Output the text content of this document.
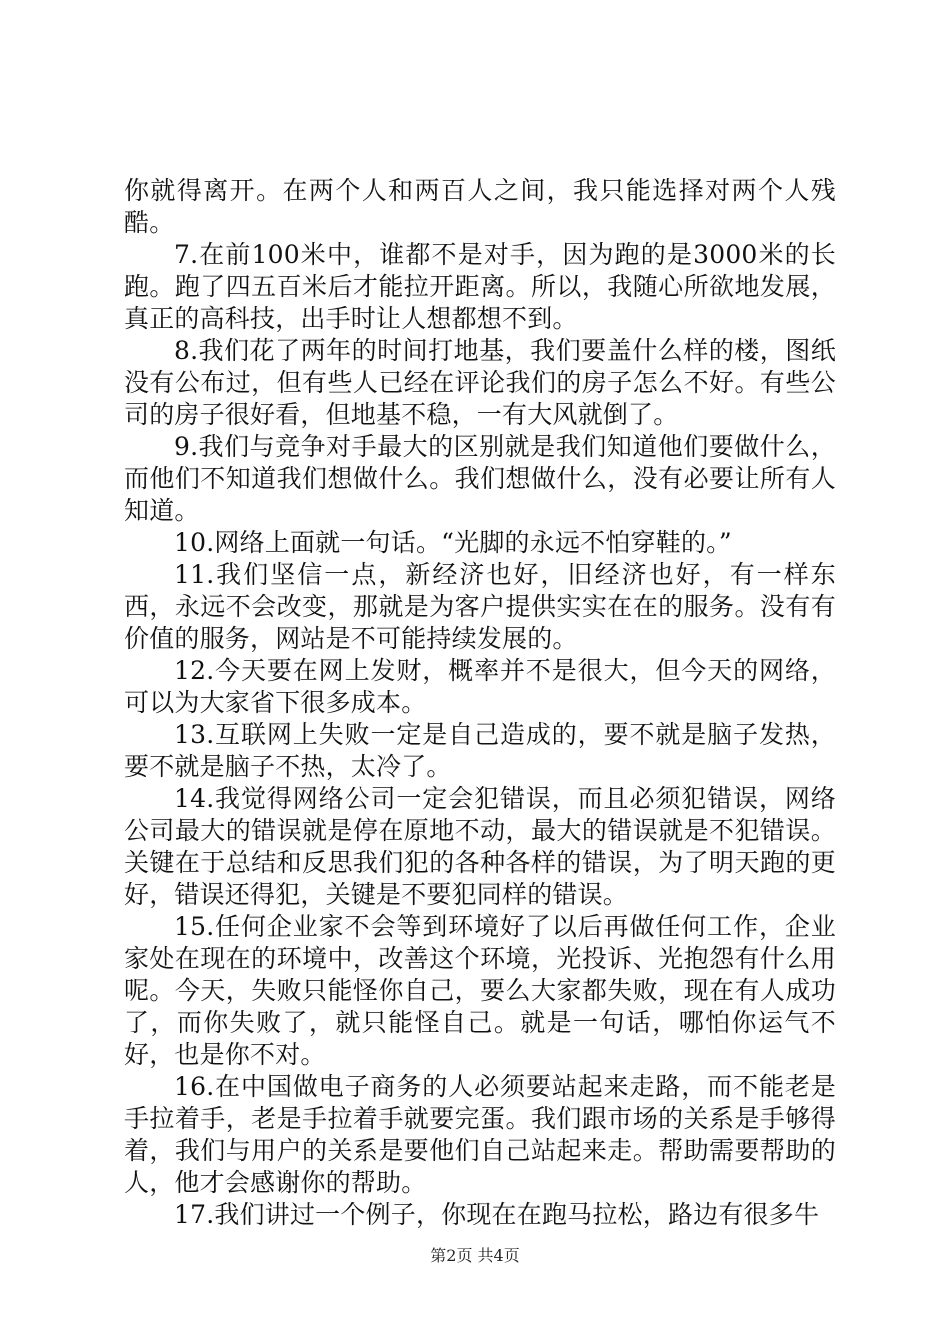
你就得离开。在两个人和两百人之间，我只能选择对两个人残酷。

7.在前100米中，谁都不是对手，因为跑的是3000米的长跑。跑了四五百米后才能拉开距离。所以，我随心所欲地发展，真正的高科技，出手时让人想都想不到。

8.我们花了两年的时间打地基，我们要盖什么样的楼，图纸没有公布过，但有些人已经在评论我们的房子怎么不好。有些公司的房子很好看，但地基不稳，一有大风就倒了。

9.我们与竞争对手最大的区别就是我们知道他们要做什么，而他们不知道我们想做什么。我们想做什么，没有必要让所有人知道。

10.网络上面就一句话。“光脚的永远不怕穿鞋的。”

11.我们坚信一点，新经济也好，旧经济也好，有一样东西，永远不会改变，那就是为客户提供实实在在的服务。没有有价值的服务，网站是不可能持续发展的。

12.今天要在网上发财，概率并不是很大，但今天的网络，可以为大家省下很多成本。

13.互联网上失败一定是自己造成的，要不就是脑子发热，要不就是脑子不热，太冷了。

14.我觉得网络公司一定会犯错误，而且必须犯错误，网络公司最大的错误就是停在原地不动，最大的错误就是不犯错误。关键在于总结和反思我们犯的各种各样的错误，为了明天跑的更好，错误还得犯，关键是不要犯同样的错误。

15.任何企业家不会等到环境好了以后再做任何工作，企业家处在现在的环境中，改善这个环境，光投诉、光抱怨有什么用呢。今天，失败只能怪你自己，要么大家都失败，现在有人成功了，而你失败了，就只能怪自己。就是一句话，哪怕你运气不好，也是你不对。

16.在中国做电子商务的人必须要站起来走路，而不能老是手拉着手，老是手拉着手就要完蛋。我们跟市场的关系是手够得着，我们与用户的关系是要他们自己站起来走。帮助需要帮助的人，他才会感谢你的帮助。

17.我们讲过一个例子，你现在在跑马拉松，路边有很多牛

第2页 共4页
